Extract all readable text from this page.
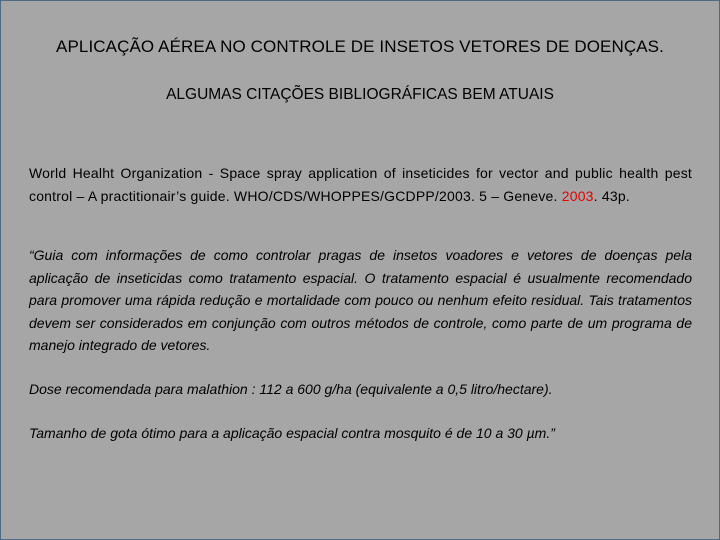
APLICAÇÃO AÉREA NO CONTROLE DE INSETOS VETORES DE DOENÇAS.
ALGUMAS CITAÇÕES BIBLIOGRÁFICAS BEM ATUAIS
World Healht Organization - Space spray application of inseticides for vector and public health pest control – A practitionair’s guide. WHO/CDS/WHOPPES/GCDPP/2003. 5 – Geneve. 2003. 43p.
“Guia com informações de como controlar pragas de insetos voadores e vetores de doenças pela aplicação de inseticidas como tratamento espacial. O tratamento espacial é usualmente recomendado para promover uma rápida redução e mortalidade com pouco ou nenhum efeito residual. Tais tratamentos devem ser considerados em conjunção com outros métodos de controle, como parte de um programa de manejo integrado de vetores.
Dose recomendada para malathion : 112 a 600 g/ha (equivalente a 0,5 litro/hectare).
Tamanho de gota ótimo para a aplicação espacial contra mosquito é de 10 a 30 µm.”
